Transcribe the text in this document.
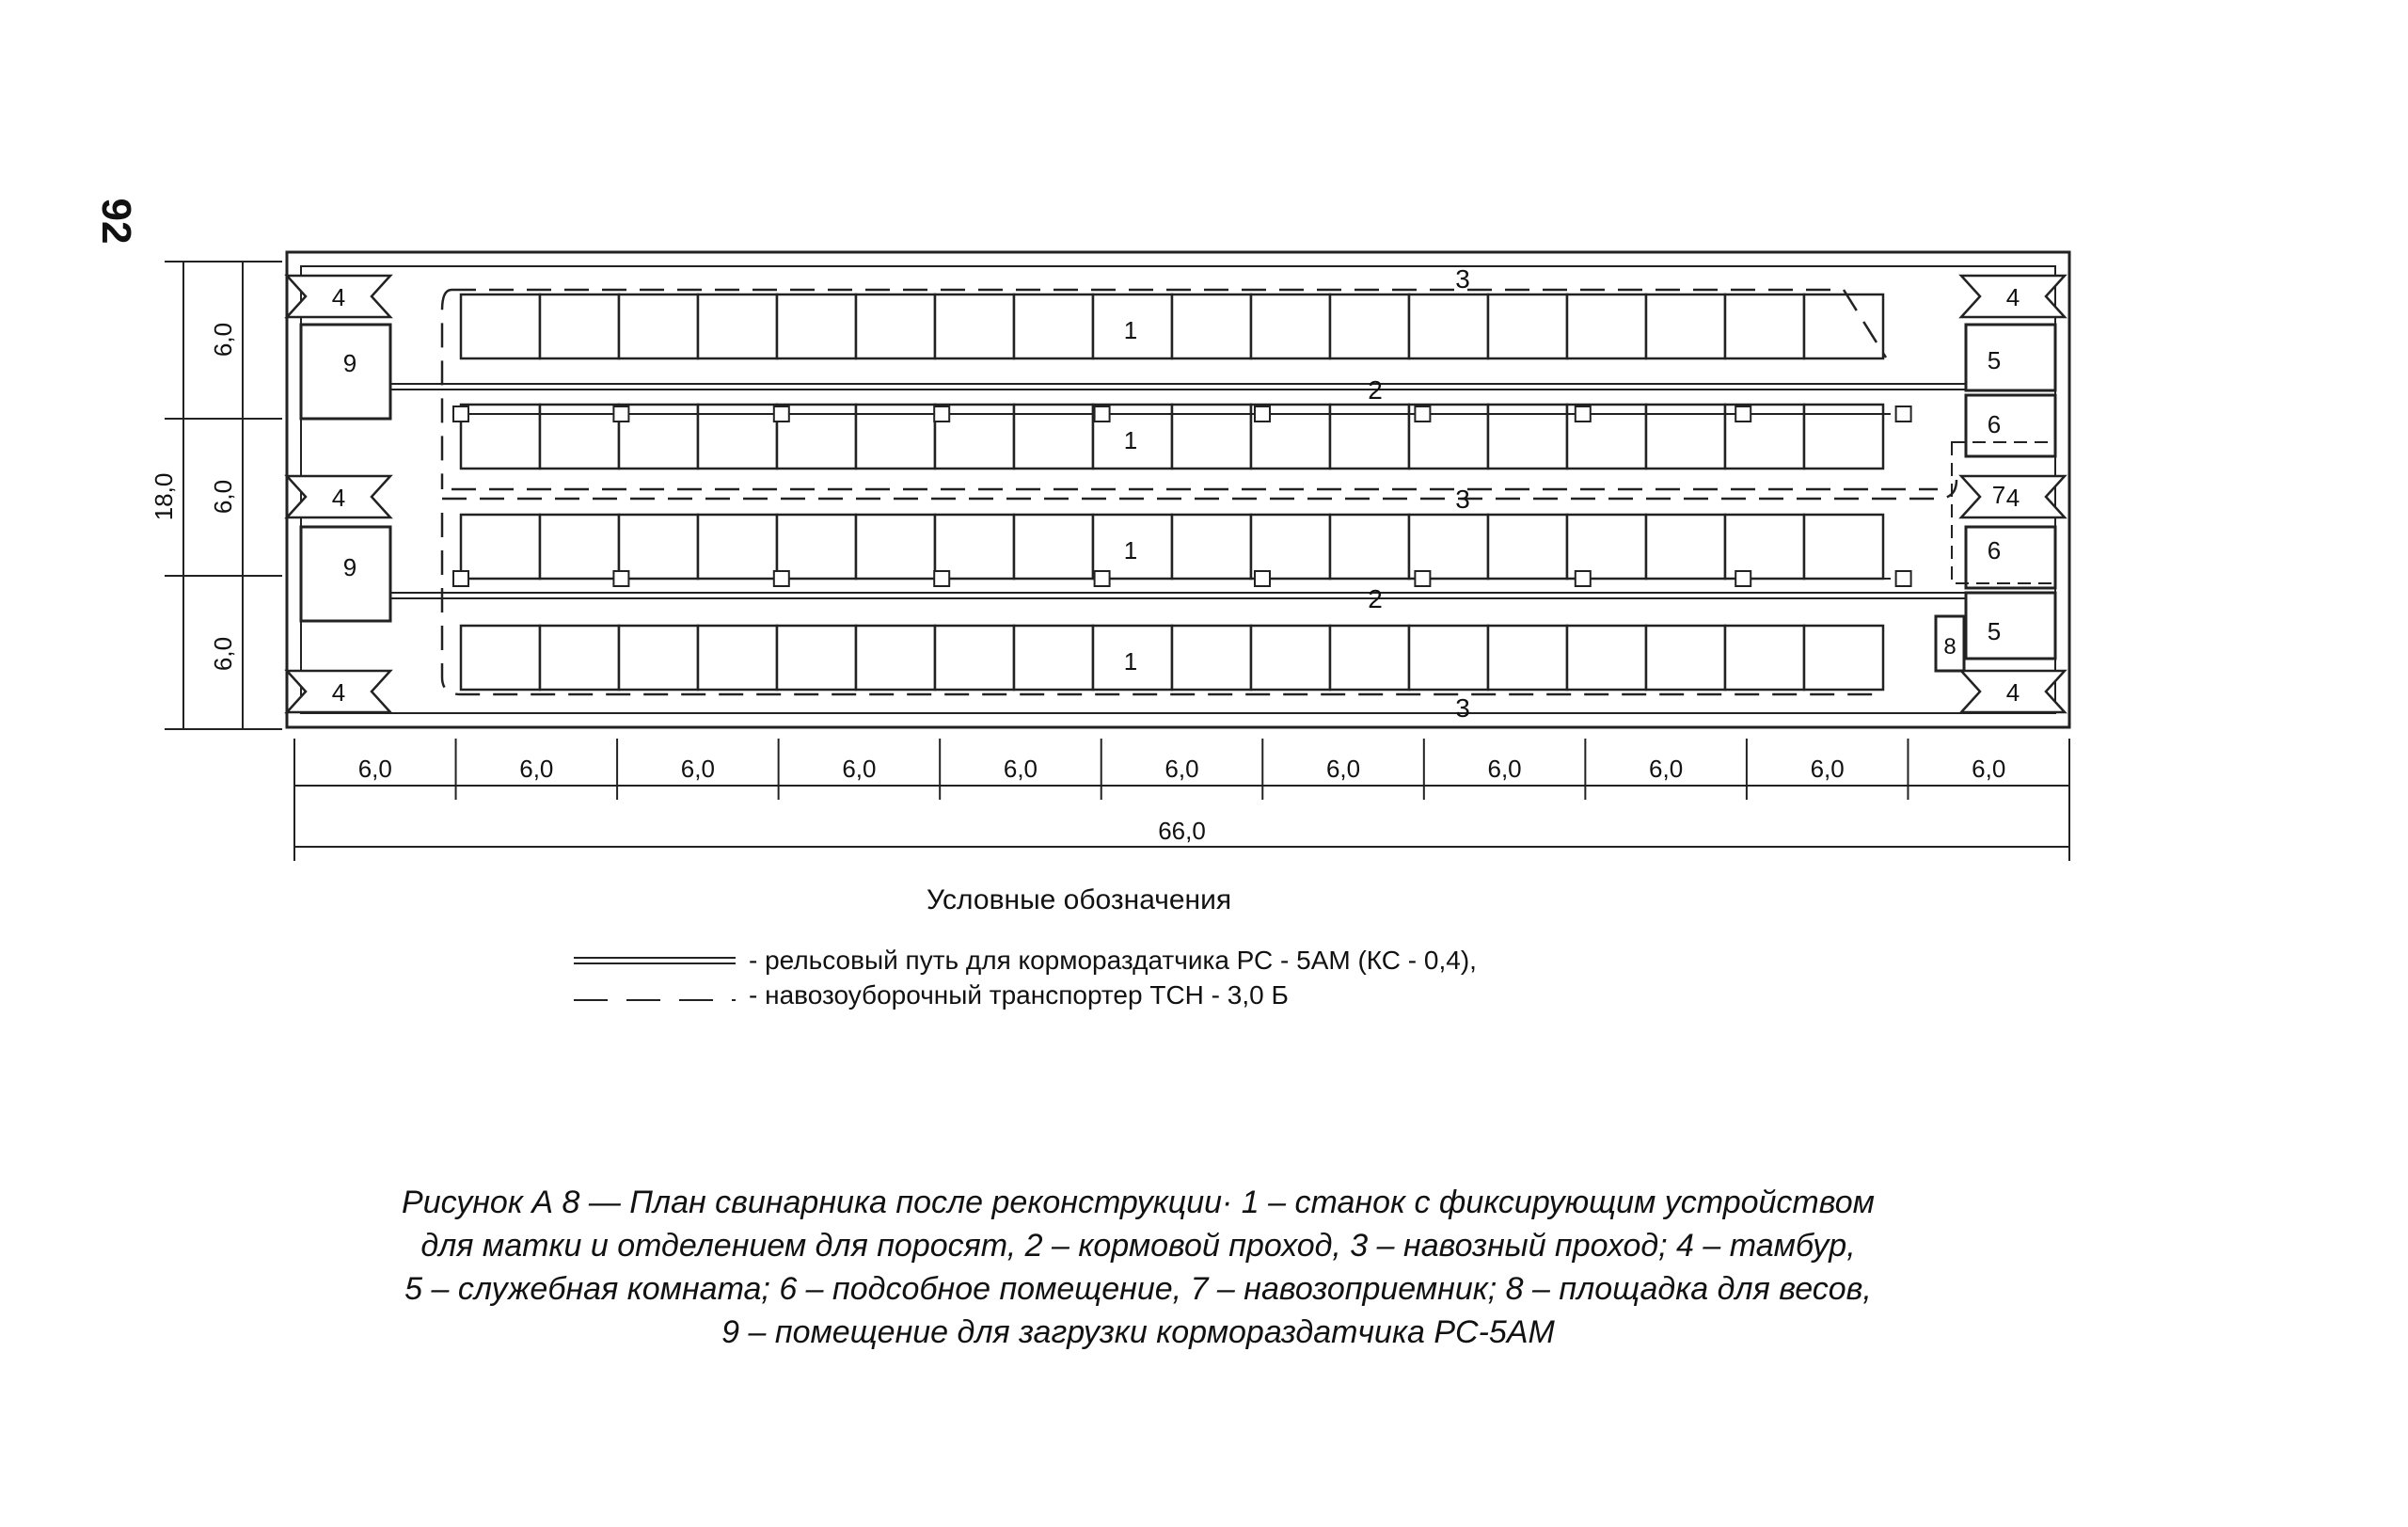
92
1
1
1
1
2
2
3
3
3
4
4
4
4
4
4
9
9
5
5
6
6
7
8
6,0	6,0	6,0	6,0	6,0	6,0	6,0	6,0	6,0	6,0	6,0
66,0
18,0
6,0
6,0
6,0
Условные обозначения
- рельсовый путь для кормораздатчика РС - 5АМ (КС - 0,4),
- навозоуборочный транспортер ТСН - 3,0 Б
Рисунок А 8 — План свинарника после реконструкции· 1 – станок с фиксирующим устройством
для матки и отделением для поросят, 2 – кормовой проход, 3 – навозный проход; 4 – тамбур,
5 – служебная комната; 6 – подсобное помещение, 7 – навозоприемник; 8 – площадка для весов,
9 – помещение для загрузки кормораздатчика РС-5АМ
